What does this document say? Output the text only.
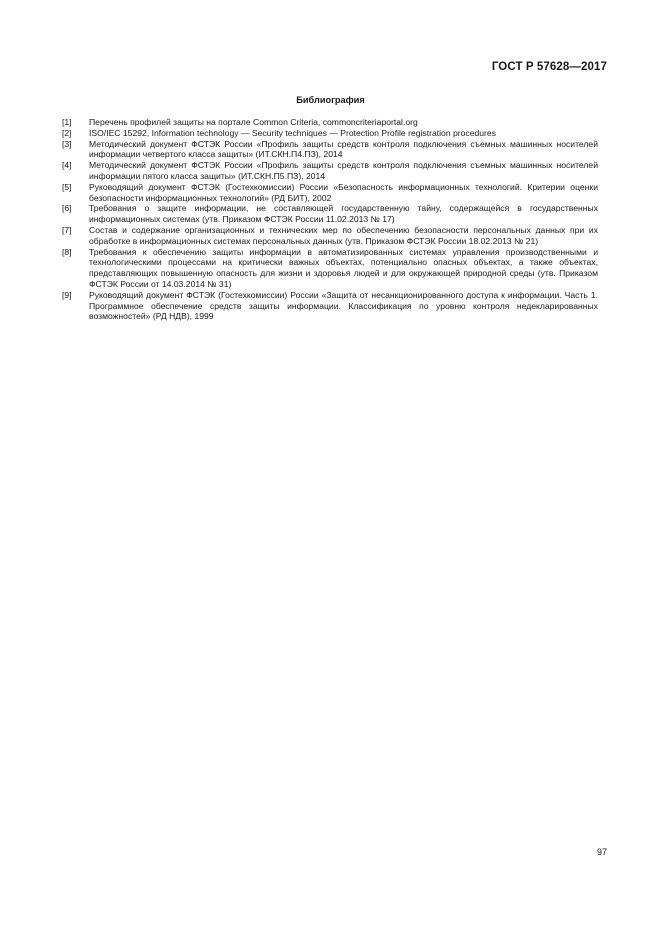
ГОСТ Р 57628—2017
Библиография
[1]	Перечень профилей защиты на портале Common Criteria, commoncriteriaportal.org
[2]	ISO/IEC 15292, Information technology — Security techniques — Protection Profile registration procedures
[3]	Методический документ ФСТЭК России «Профиль защиты средств контроля подключения съемных машинных носителей информации четвертого класса защиты» (ИТ.СКН.П4.ПЗ), 2014
[4]	Методический документ ФСТЭК России «Профиль защиты средств контроля подключения съемных машинных носителей информации пятого класса защиты» (ИТ.СКН.П5.ПЗ), 2014
[5]	Руководящий документ ФСТЭК (Гостехкомиссии) России «Безопасность информационных технологий. Критерии оценки безопасности информационных технологий» (РД БИТ), 2002
[6]	Требования о защите информации, не составляющей государственную тайну, содержащейся в государственных информационных системах (утв. Приказом ФСТЭК России 11.02.2013 № 17)
[7]	Состав и содержание организационных и технических мер по обеспечению безопасности персональных данных при их обработке в информационных системах персональных данных (утв. Приказом ФСТЭК России 18.02.2013 № 21)
[8]	Требования к обеспечению защиты информации в автоматизированных системах управления производственными и технологическими процессами на критически важных объектах, потенциально опасных объектах, а также объектах, представляющих повышенную опасность для жизни и здоровья людей и для окружающей природной среды (утв. Приказом ФСТЭК России от 14.03.2014 № 31)
[9]	Руководящий документ ФСТЭК (Гостехкомиссии) России «Защита от несанкционированного доступа к информации. Часть 1. Программное обеспечение средств защиты информации. Классификация по уровню контроля недекларированных возможностей» (РД НДВ), 1999
97
